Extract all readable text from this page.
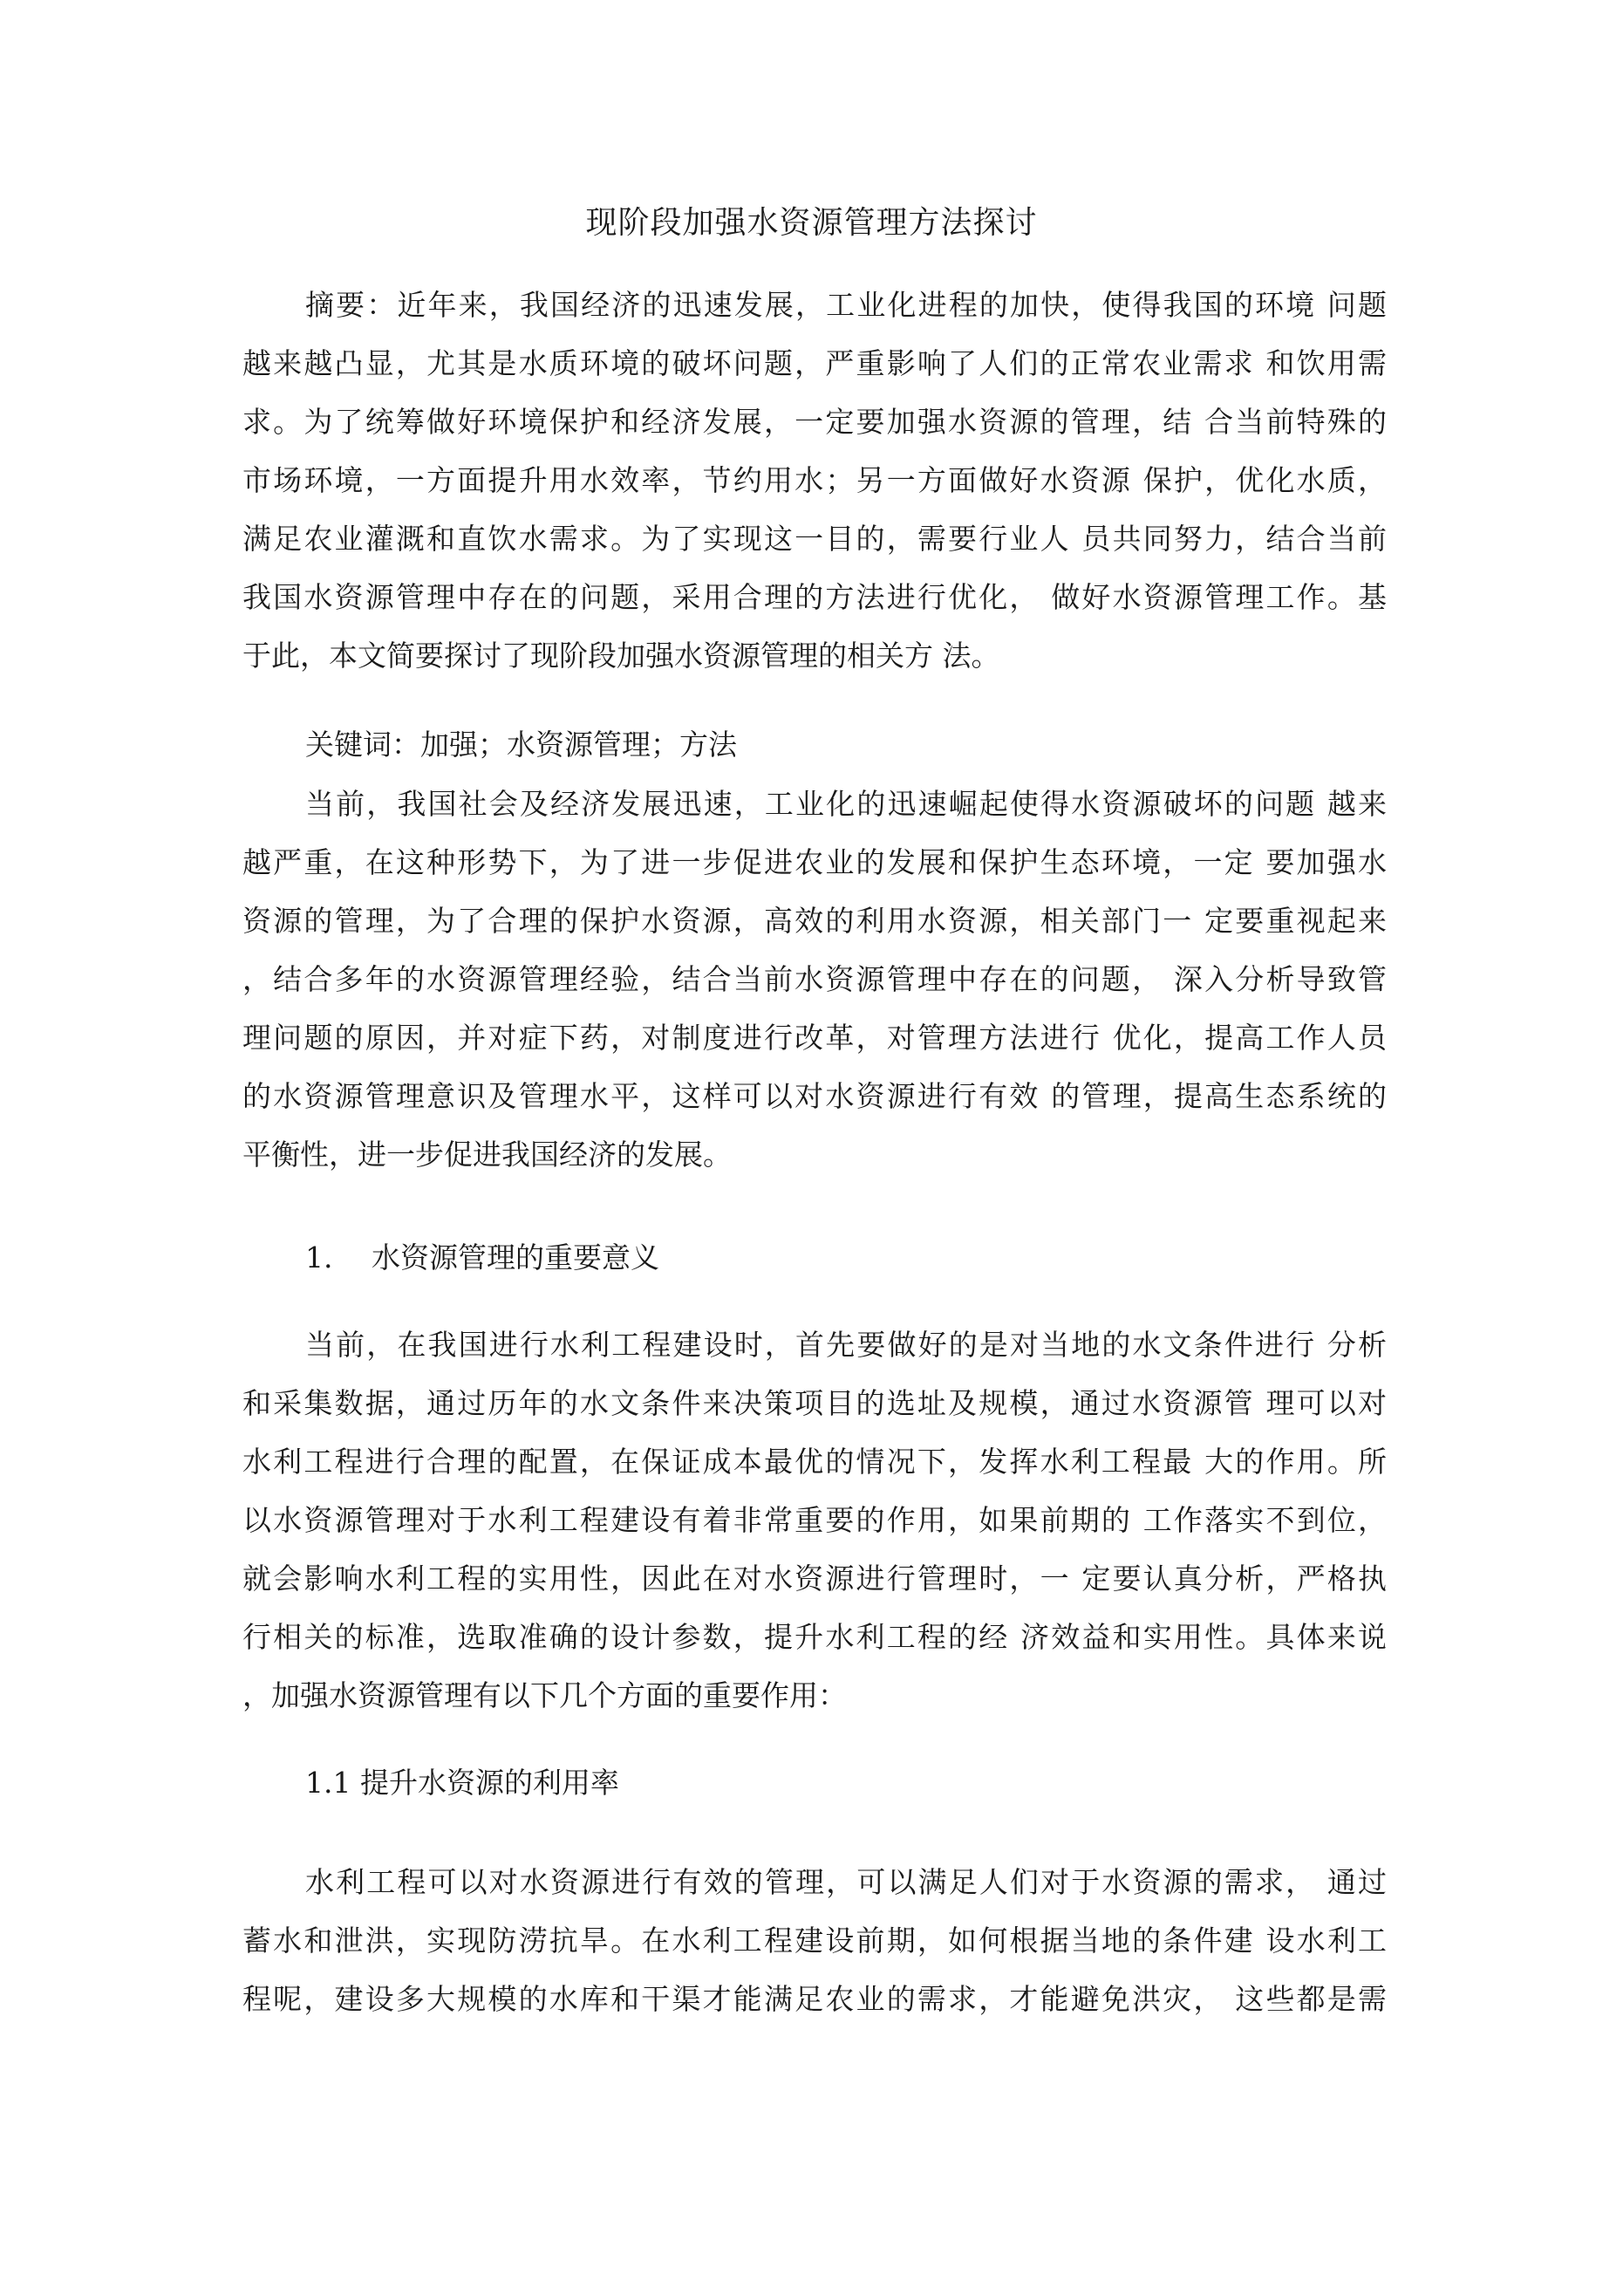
现阶段加强水资源管理方法探讨
摘要：近年来，我国经济的迅速发展，工业化进程的加快，使得我国的环境 问题
越来越凸显，尤其是水质环境的破坏问题，严重影响了人们的正常农业需求 和饮用需
求。为了统筹做好环境保护和经济发展，一定要加强水资源的管理，结 合当前特殊的
市场环境，一方面提升用水效率，节约用水；另一方面做好水资源 保护，优化水质，
满足农业灌溉和直饮水需求。为了实现这一目的，需要行业人 员共同努力，结合当前
我国水资源管理中存在的问题，采用合理的方法进行优化， 做好水资源管理工作。基
于此，本文简要探讨了现阶段加强水资源管理的相关方 法。
关键词：加强；水资源管理；方法
当前，我国社会及经济发展迅速，工业化的迅速崛起使得水资源破坏的问题 越来
越严重，在这种形势下，为了进一步促进农业的发展和保护生态环境，一定 要加强水
资源的管理，为了合理的保护水资源，高效的利用水资源，相关部门一 定要重视起来
，结合多年的水资源管理经验，结合当前水资源管理中存在的问题， 深入分析导致管
理问题的原因，并对症下药，对制度进行改革，对管理方法进行 优化，提高工作人员
的水资源管理意识及管理水平，这样可以对水资源进行有效 的管理，提高生态系统的
平衡性，进一步促进我国经济的发展。
1. 水资源管理的重要意义
当前，在我国进行水利工程建设时，首先要做好的是对当地的水文条件进行 分析
和采集数据，通过历年的水文条件来决策项目的选址及规模，通过水资源管 理可以对
水利工程进行合理的配置，在保证成本最优的情况下，发挥水利工程最 大的作用。所
以水资源管理对于水利工程建设有着非常重要的作用，如果前期的 工作落实不到位，
就会影响水利工程的实用性，因此在对水资源进行管理时，一 定要认真分析，严格执
行相关的标准，选取准确的设计参数，提升水利工程的经 济效益和实用性。具体来说
，加强水资源管理有以下几个方面的重要作用：
1.1 提升水资源的利用率
水利工程可以对水资源进行有效的管理，可以满足人们对于水资源的需求， 通过
蓄水和泄洪，实现防涝抗旱。在水利工程建设前期，如何根据当地的条件建 设水利工
程呢，建设多大规模的水库和干渠才能满足农业的需求，才能避免洪灾， 这些都是需
